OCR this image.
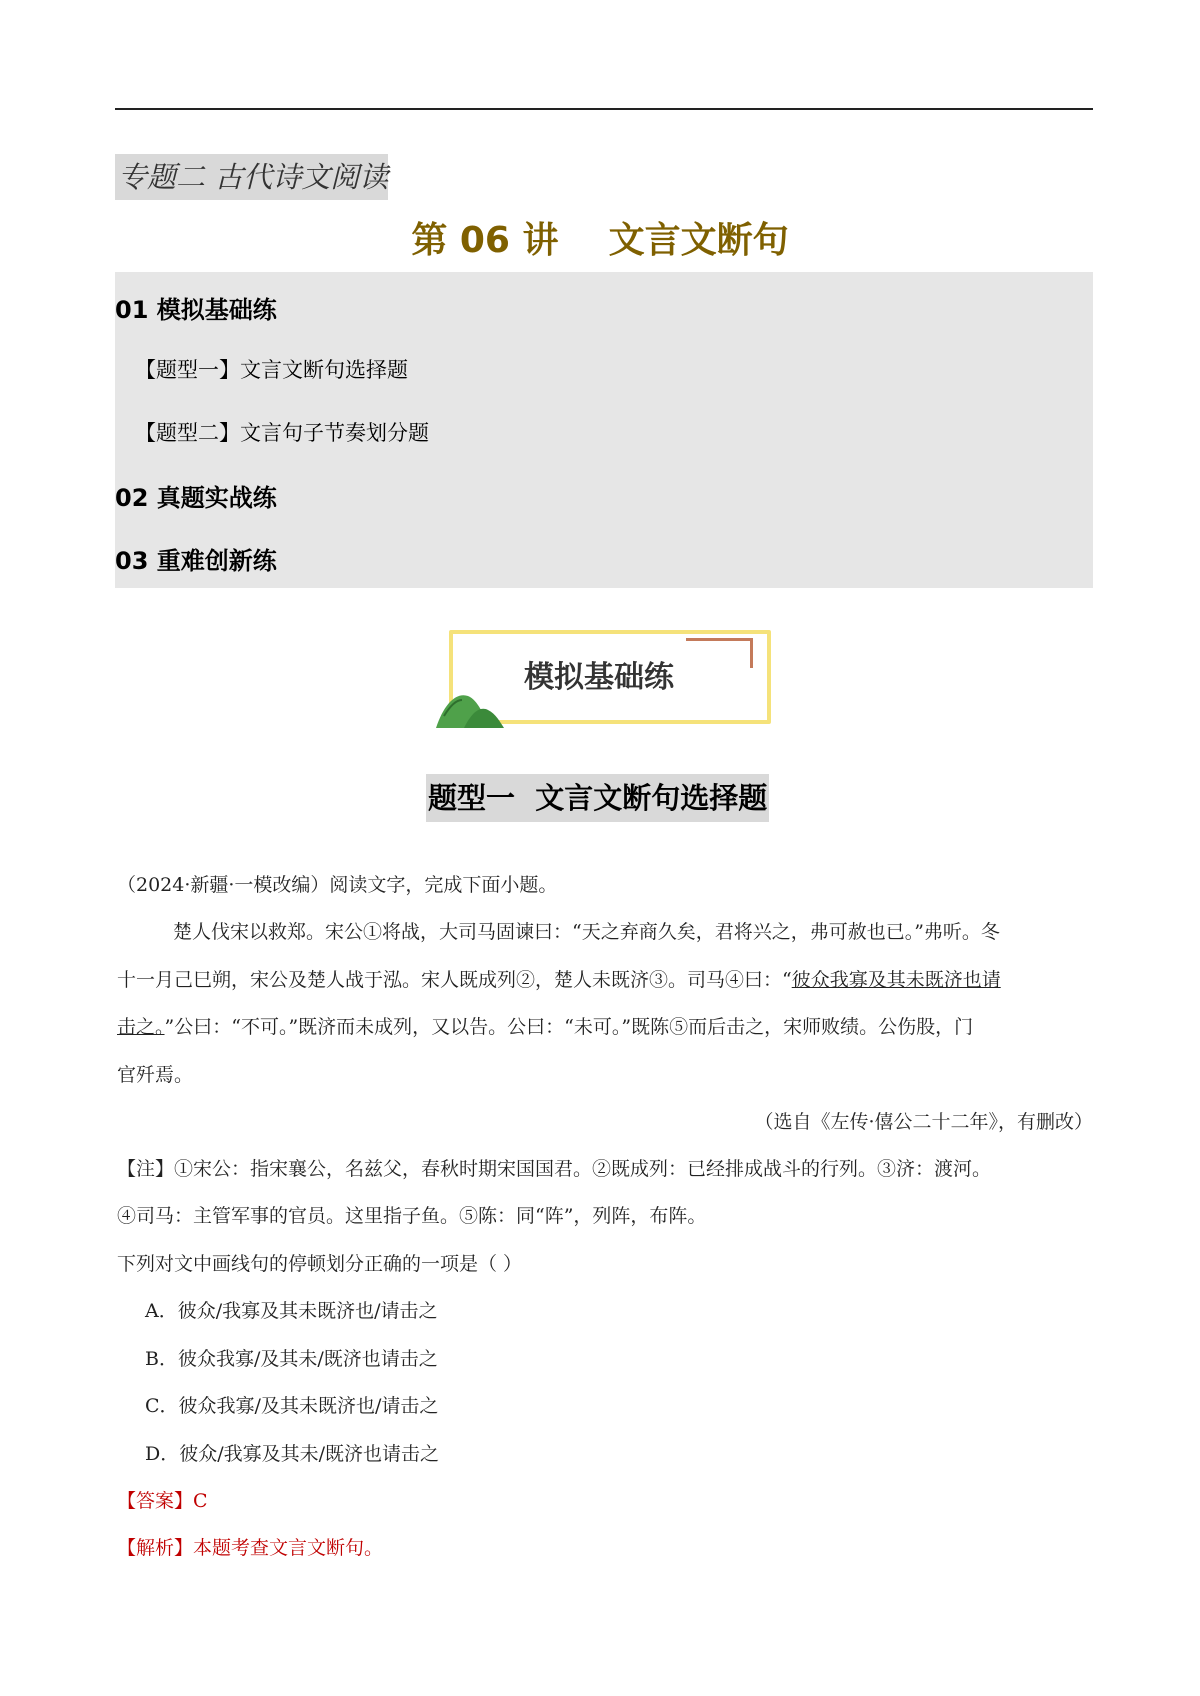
专题二 古代诗文阅读
第 06 讲    文言文断句
01 模拟基础练
【题型一】文言文断句选择题
【题型二】文言句子节奏划分题
02 真题实战练
03 重难创新练
模拟基础练
题型一  文言文断句选择题
（2024·新疆·一模改编）阅读文字，完成下面小题。
楚人伐宋以救郑。宋公①将战，大司马固谏曰：“天之弃商久矣，君将兴之，弗可赦也已。”弗听。冬
十一月己巳朔，宋公及楚人战于泓。宋人既成列②，楚人未既济③。司马④曰：“彼众我寡及其未既济也请
击之。”公曰：“不可。”既济而未成列，又以告。公曰：“未可。”既陈⑤而后击之，宋师败绩。公伤股，门
官歼焉。
（选自《左传·僖公二十二年》，有删改）
【注】①宋公：指宋襄公，名兹父，春秋时期宋国国君。②既成列：已经排成战斗的行列。③济：渡河。
④司马：主管军事的官员。这里指子鱼。⑤陈：同“阵”，列阵，布阵。
下列对文中画线句的停顿划分正确的一项是（ ）
A．彼众/我寡及其未既济也/请击之
B．彼众我寡/及其未/既济也请击之
C．彼众我寡/及其未既济也/请击之
D．彼众/我寡及其未/既济也请击之
【答案】C
【解析】本题考查文言文断句。
